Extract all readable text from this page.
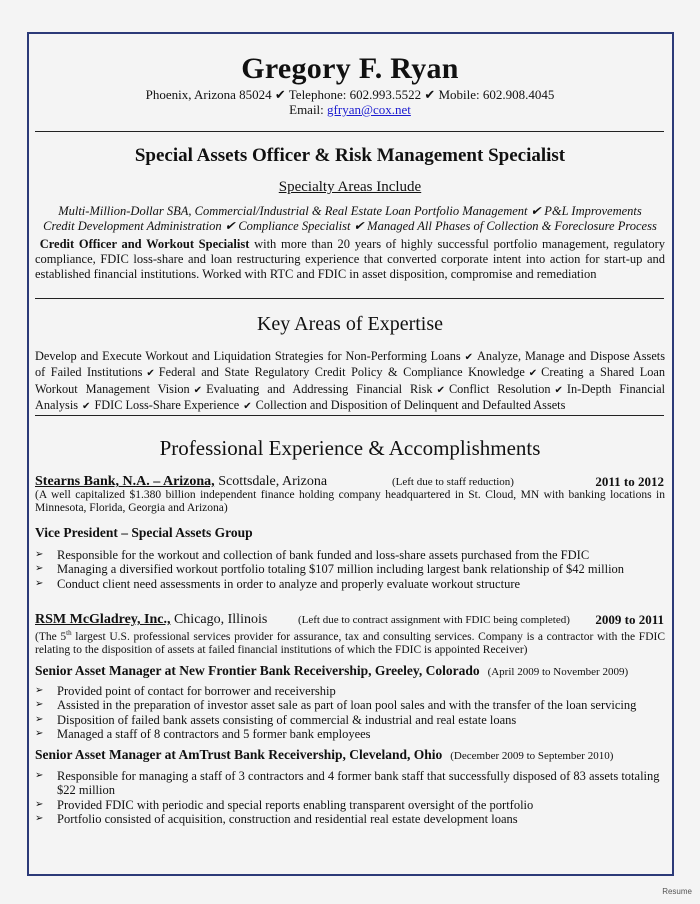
Gregory F. Ryan
Phoenix, Arizona 85024 ✔ Telephone: 602.993.5522 ✔ Mobile: 602.908.4045
Email: gfryan@cox.net
Special Assets Officer & Risk Management Specialist
Specialty Areas Include
Multi-Million-Dollar SBA, Commercial/Industrial & Real Estate Loan Portfolio Management ✔ P&L Improvements
Credit Development Administration ✔ Compliance Specialist ✔ Managed All Phases of Collection & Foreclosure Process
Credit Officer and Workout Specialist with more than 20 years of highly successful portfolio management, regulatory compliance, FDIC loss-share and loan restructuring experience that converted corporate intent into action for start-up and established financial institutions. Worked with RTC and FDIC in asset disposition, compromise and remediation
Key Areas of Expertise
Develop and Execute Workout and Liquidation Strategies for Non-Performing Loans ✔ Analyze, Manage and Dispose Assets of Failed Institutions ✔ Federal and State Regulatory Credit Policy & Compliance Knowledge ✔ Creating a Shared Loan Workout Management Vision ✔ Evaluating and Addressing Financial Risk ✔ Conflict Resolution ✔ In-Depth Financial Analysis ✔ FDIC Loss-Share Experience ✔ Collection and Disposition of Delinquent and Defaulted Assets
Professional Experience & Accomplishments
Stearns Bank, N.A. – Arizona, Scottsdale, Arizona	(Left due to staff reduction)	2011 to 2012
(A well capitalized $1.380 billion independent finance holding company headquartered in St. Cloud, MN with banking locations in Minnesota, Florida, Georgia and Arizona)
Vice President – Special Assets Group
➢ Responsible for the workout and collection of bank funded and loss-share assets purchased from the FDIC
➢ Managing a diversified workout portfolio totaling $107 million including largest bank relationship of $42 million
➢ Conduct client need assessments in order to analyze and properly evaluate workout structure
RSM McGladrey, Inc., Chicago, Illinois	(Left due to contract assignment with FDIC being completed) 2009 to 2011
(The 5th largest U.S. professional services provider for assurance, tax and consulting services. Company is a contractor with the FDIC relating to the disposition of assets at failed financial institutions of which the FDIC is appointed Receiver)
Senior Asset Manager at New Frontier Bank Receivership, Greeley, Colorado (April 2009 to November 2009)
➢ Provided point of contact for borrower and receivership
➢ Assisted in the preparation of investor asset sale as part of loan pool sales and with the transfer of the loan servicing
➢ Disposition of failed bank assets consisting of commercial & industrial and real estate loans
➢ Managed a staff of 8 contractors and 5 former bank employees
Senior Asset Manager at AmTrust Bank Receivership, Cleveland, Ohio (December 2009 to September 2010)
➢ Responsible for managing a staff of 3 contractors and 4 former bank staff that successfully disposed of 83 assets totaling $22 million
➢ Provided FDIC with periodic and special reports enabling transparent oversight of the portfolio
➢ Portfolio consisted of acquisition, construction and residential real estate development loans
Resume
